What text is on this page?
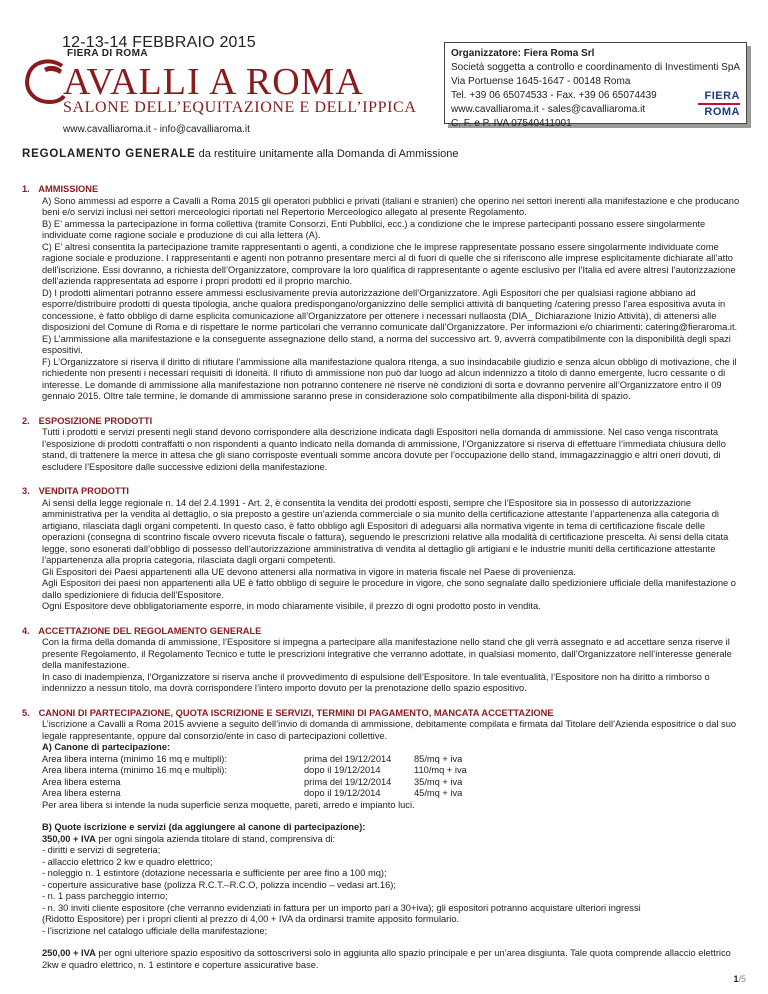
12-13-14 FEBBRAIO 2015
FIERA DI ROMA
AVALLI A ROMA
SALONE DELL’EQUITAZIONE E DELL’IPPICA
www.cavalliaroma.it - info@cavalliaroma.it
Organizzatore: Fiera Roma Srl
Società soggetta a controllo e coordinamento di Investimenti SpA
Via Portuense 1645-1647 - 00148 Roma
Tel. +39 06 65074533 - Fax. +39 06 65074439
www.cavalliaroma.it - sales@cavalliaroma.it
C. F. e P. IVA 07540411001
FIERA
ROMA
REGOLAMENTO GENERALE da restituire unitamente alla Domanda di Ammissione
1. AMMISSIONE

A) Sono ammessi ad esporre a Cavalli a Roma 2015 gli operatori pubblici e privati (italiani e stranieri) che operino nei settori inerenti alla manifestazione e che producano beni e/o servizi inclusi nei settori merceologici riportati nel Repertorio Merceologico allegato al presente Regolamento.

B) E’ ammessa la partecipazione in forma collettiva (tramite Consorzi, Enti Pubblici, ecc.) a condizione che le imprese partecipanti possano essere singolarmente individuate come ragione sociale e produzione di cui alla lettera (A).

C) E’ altresì consentita la partecipazione tramite rappresentanti o agenti, a condizione che le imprese rappresentate possano essere singolarmente individuate come ragione sociale e produzione. I rappresentanti e agenti non potranno presentare merci al di fuori di quelle che si riferiscono alle imprese esplicitamente dichiarate all’atto dell’iscrizione. Essi dovranno, a richiesta dell’Organizzatore, comprovare la loro qualifica di rappresentante o agente esclusivo per l’Italia ed avere altresì l’autorizzazione dell’azienda rappresentata ad esporre i propri prodotti ed il proprio marchio.

D) I prodotti alimentari potranno essere ammessi esclusivamente previa autorizzazione dell’Organizzatore. Agli Espositori che per qualsiasi ragione abbiano ad esporre/distribuire prodotti di questa tipologia, anche qualora predispongano/organizzino delle semplici attività di banqueting /catering presso l’area espositiva avuta in concessione, è fatto obbligo di darne esplicita comunicazione all’Organizzatore per ottenere i necessari nullaosta (DIA_ Dichiarazione Inizio Attività), di attenersi alle disposizioni del Comune di Roma e di rispettare le norme particolari che verranno comunicate dall’Organizzatore. Per informazioni e/o chiarimenti: catering@fieraroma.it.

E) L’ammissione alla manifestazione e la conseguente assegnazione dello stand, a norma del successivo art. 9, avverrà compatibilmente con la disponibilità degli spazi espositivi.

F) L’Organizzatore si riserva il diritto di rifiutare l’ammissione alla manifestazione qualora ritenga, a suo insindacabile giudizio e senza alcun obbligo di motivazione, che il richiedente non presenti i necessari requisiti di idoneità. Il rifiuto di ammissione non può dar luogo ad alcun indennizzo a titolo di danno emergente, lucro cessante o di interesse. Le domande di ammissione alla manifestazione non potranno contenere nè riserve nè condizioni di sorta e dovranno pervenire all’Organizzatore entro il 09 gennaio 2015. Oltre tale termine, le domande di ammissione saranno prese in considerazione solo compatibilmente alla disponi-bilità di spazio.

2. ESPOSIZIONE PRODOTTI

Tutti i prodotti e servizi presenti negli stand devono corrispondere alla descrizione indicata dagli Espositori nella domanda di ammissione. Nel caso venga riscontrata l’esposizione di prodotti contraffatti o non rispondenti a quanto indicato nella domanda di ammissione, l’Organizzatore si riserva di effettuare l’immediata chiusura dello stand, di trattenere la merce in attesa che gli siano corrisposte eventuali somme ancora dovute per l’occupazione dello stand, immagazzinaggio e altri oneri dovuti, di escludere l’Espositore dalle successive edizioni della manifestazione.

3. VENDITA PRODOTTI

Ai sensi della legge regionale n. 14 del 2.4.1991 - Art. 2, è consentita la vendita dei prodotti esposti, sempre che l’Espositore sia in possesso di autorizzazione amministrativa per la vendita al dettaglio, o sia preposto a gestire un’azienda commerciale o sia munito della certificazione attestante l’appartenenza alla categoria di artigiano, rilasciata dagli organi competenti. In questo caso, è fatto obbligo agli Espositori di adeguarsi alla normativa vigente in tema di certificazione fiscale delle operazioni (consegna di scontrino fiscale ovvero ricevuta fiscale o fattura), seguendo le prescrizioni relative alla modalità di certificazione prescelta. Ai sensi della citata legge, sono esonerati dall’obbligo di possesso dell’autorizzazione amministrativa di vendita al dettaglio gli artigiani e le industrie muniti della certificazione attestante l’appartenenza alla propria categoria, rilasciata dagli organi competenti.

Gli Espositori dei Paesi appartenenti alla UE devono attenersi alla normativa in vigore in materia fiscale nel Paese di provenienza.

Agli Espositori dei paesi non appartenenti alla UE è fatto obbligo di seguire le procedure in vigore, che sono segnalate dallo spedizioniere ufficiale della manifestazione o dallo spedizioniere di fiducia dell’Espositore.

Ogni Espositore deve obbligatoriamente esporre, in modo chiaramente visibile, il prezzo di ogni prodotto posto in vendita.

4. ACCETTAZIONE DEL REGOLAMENTO GENERALE

Con la firma della domanda di ammissione, l’Espositore si impegna a partecipare alla manifestazione nello stand che gli verrà assegnato e ad accettare senza riserve il presente Regolamento, il Regolamento Tecnico e tutte le prescrizioni integrative che verranno adottate, in qualsiasi momento, dall’Organizzatore nell’interesse generale della manifestazione.

In caso di inadempienza, l’Organizzatore si riserva anche il provvedimento di espulsione dell’Espositore. In tale eventualità, l’Espositore non ha diritto a rimborso o indennizzo a nessun titolo, ma dovrà corrispondere l’intero importo dovuto per la prenotazione dello spazio espositivo.

5. CANONI DI PARTECIPAZIONE, QUOTA ISCRIZIONE E SERVIZI, TERMINI DI PAGAMENTO, MANCATA ACCETTAZIONE

L’iscrizione a Cavalli a Roma 2015 avviene a seguito dell’invio di domanda di ammissione, debitamente compilata e firmata dal Titolare dell’Azienda espositrice o dal suo legale rappresentante, oppure dal consorzio/ente in caso di partecipazioni collettive.

A) Canone di partecipazione:

Area libera interna (minimo 16 mq e multipli):	prima del 19/12/2014	85/mq + iva
Area libera interna (minimo 16 mq e multipli):	dopo il 19/12/2014	110/mq + iva
Area libera esterna	prima del 19/12/2014	35/mq + iva
Area libera esterna	dopo il 19/12/2014	45/mq + iva

Per area libera si intende la nuda superficie senza moquette, pareti, arredo e impianto luci.

B) Quote iscrizione e servizi (da aggiungere al canone di partecipazione):

350,00 + IVA per ogni singola azienda titolare di stand, comprensiva di:

- diritti e servizi di segreteria;

- allaccio elettrico 2 kw e quadro elettrico;

- noleggio n. 1 estintore (dotazione necessaria e sufficiente per aree fino a 100 mq);

- coperture assicurative base (polizza R.C.T.–R.C.O, polizza incendio – vedasi art.16);

- n. 1 pass parcheggio interno;

- n. 30 inviti cliente espositore (che verranno evidenziati in fattura per un importo pari a 30+iva); gli espositori potranno acquistare ulteriori ingressi

(Ridotto Espositore) per i propri clienti al prezzo di 4,00 + IVA da ordinarsi tramite apposito formulario.

- l’iscrizione nel catalogo ufficiale della manifestazione;

250,00 + IVA per ogni ulteriore spazio espositivo da sottoscriversi solo in aggiunta allo spazio principale e per un’area disgiunta. Tale quota comprende allaccio elettrico 2kw e quadro elettrico, n. 1 estintore e coperture assicurative base.

1/5
